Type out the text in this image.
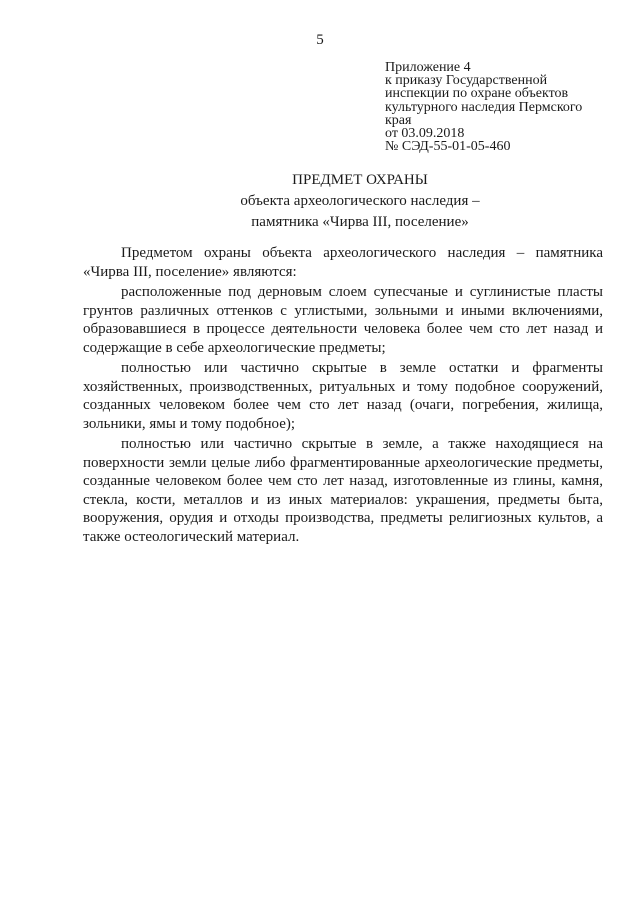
5
Приложение 4
к приказу Государственной
инспекции по охране объектов
культурного наследия Пермского
края
от 03.09.2018
№ СЭД-55-01-05-460
ПРЕДМЕТ ОХРАНЫ
объекта археологического наследия –
памятника «Чирва III, поселение»

Предметом охраны объекта археологического наследия – памятника «Чирва III, поселение» являются:

расположенные под дерновым слоем супесчаные и суглинистые пласты грунтов различных оттенков с углистыми, зольными и иными включениями, образовавшиеся в процессе деятельности человека более чем сто лет назад и содержащие в себе археологические предметы;

полностью или частично скрытые в земле остатки и фрагменты хозяйственных, производственных, ритуальных и тому подобное сооружений, созданных человеком более чем сто лет назад (очаги, погребения, жилища, зольники, ямы и тому подобное);

полностью или частично скрытые в земле, а также находящиеся на поверхности земли целые либо фрагментированные археологические предметы, созданные человеком более чем сто лет назад, изготовленные из глины, камня, стекла, кости, металлов и из иных материалов: украшения, предметы быта, вооружения, орудия и отходы производства, предметы религиозных культов, а также остеологический материал.
